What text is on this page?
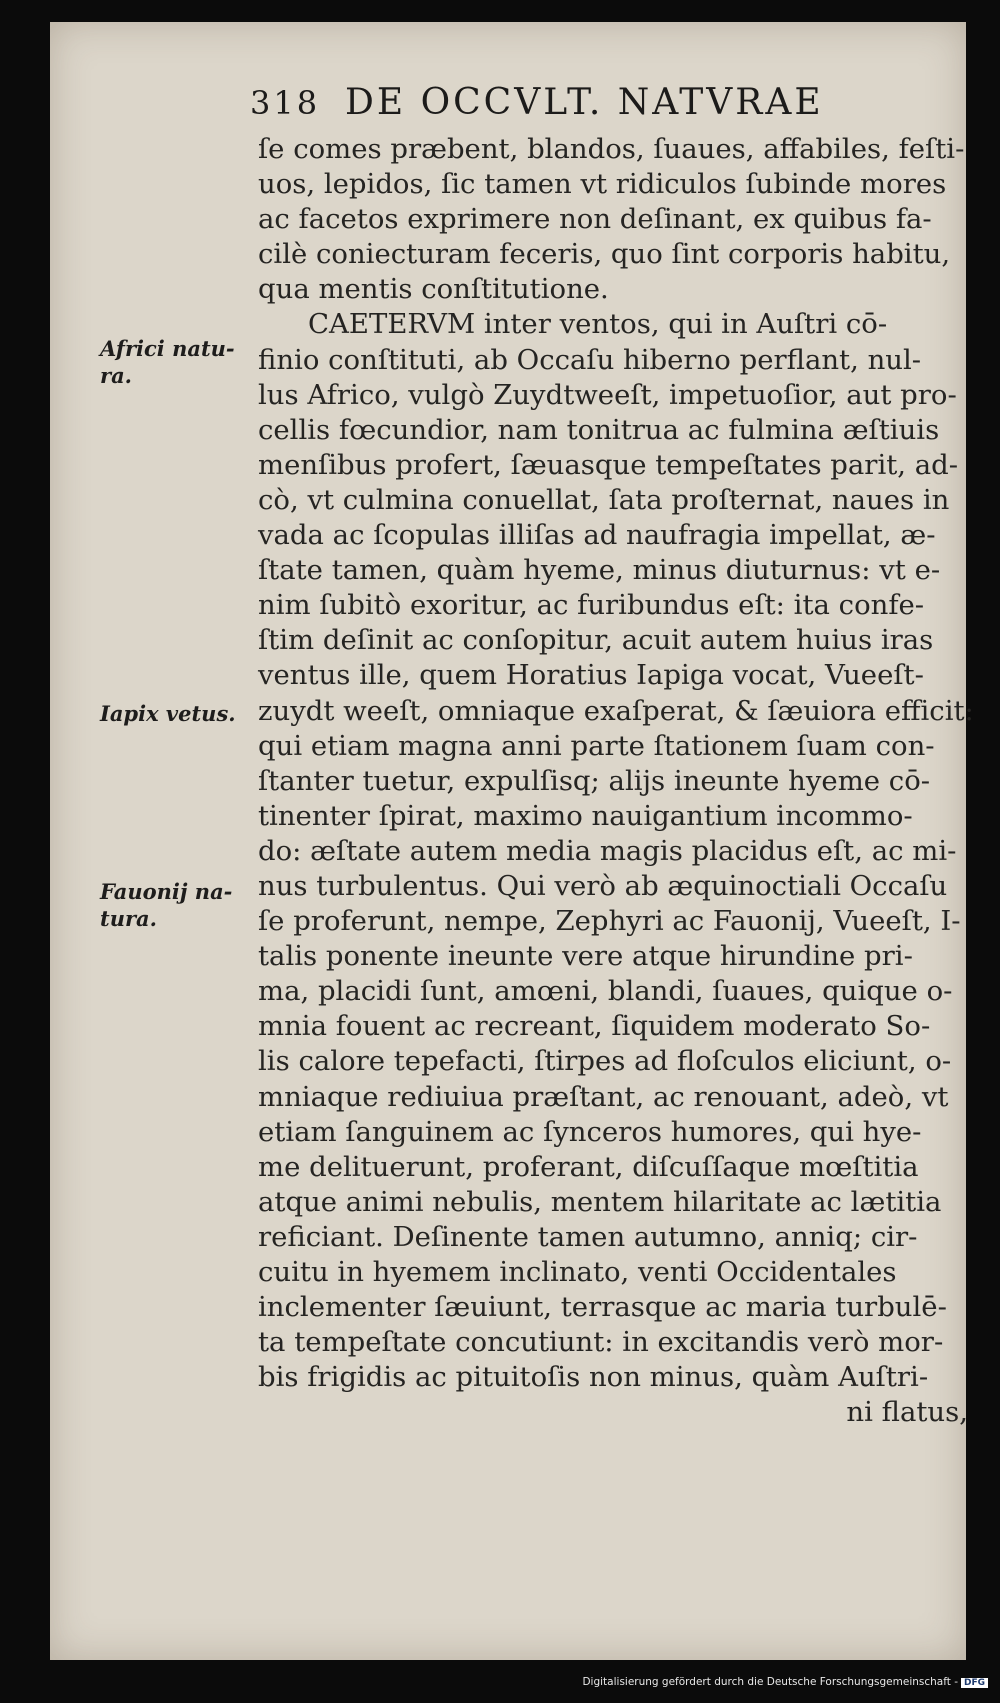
318 DE OCCVLT. NATVRAE
Africi natu-ra.
Iapix vetus.
Fauonij na-tura.
ſe comes præbent, blandos, ſuaues, affabiles, feſti-
uos, lepidos, ſic tamen vt ridiculos ſubinde mores
ac facetos exprimere non deſinant, ex quibus fa-
cilè coniecturam feceris, quo ſint corporis habitu,
qua mentis conſtitutione.
CAETERVM inter ventos, qui in Auſtri cō-
finio conſtituti, ab Occaſu hiberno perflant, nul-
lus Africo, vulgò Zuydtweeſt, impetuoſior, aut pro-
cellis fœcundior, nam tonitrua ac fulmina æſtiuis
menſibus profert, ſæuasque tempeſtates parit, ad-
cò, vt culmina conuellat, ſata proſternat, naues in
vada ac ſcopulas illiſas ad naufragia impellat, æ-
ſtate tamen, quàm hyeme, minus diuturnus: vt e-
nim ſubitò exoritur, ac furibundus eſt: ita confe-
ſtim deſinit ac conſopitur, acuit autem huius iras
ventus ille, quem Horatius Iapiga vocat, Vueeſt-
zuydt weeſt, omniaque exaſperat, & ſæuiora efficit:
qui etiam magna anni parte ſtationem ſuam con-
ſtanter tuetur, expulſisq; alijs ineunte hyeme cō-
tinenter ſpirat, maximo nauigantium incommo-
do: æſtate autem media magis placidus eſt, ac mi-
nus turbulentus. Qui verò ab æquinoctiali Occaſu
ſe proferunt, nempe, Zephyri ac Fauonij, Vueeſt, I-
talis ponente ineunte vere atque hirundine pri-
ma, placidi ſunt, amœni, blandi, ſuaues, quique o-
mnia fouent ac recreant, ſiquidem moderato So-
lis calore tepefacti, ſtirpes ad floſculos eliciunt, o-
mniaque rediuiua præſtant, ac renouant, adeò, vt
etiam ſanguinem ac ſynceros humores, qui hye-
me delituerunt, proferant, diſcuſſaque mœſtitia
atque animi nebulis, mentem hilaritate ac lætitia
reficiant. Deſinente tamen autumno, anniq; cir-
cuitu in hyemem inclinato, venti Occidentales
inclementer ſæuiunt, terrasque ac maria turbulē-
ta tempeſtate concutiunt: in excitandis verò mor-
bis frigidis ac pituitoſis non minus, quàm Auſtri-
ni flatus,
Digitalisierung gefördert durch die Deutsche Forschungsgemeinschaft - DFG
